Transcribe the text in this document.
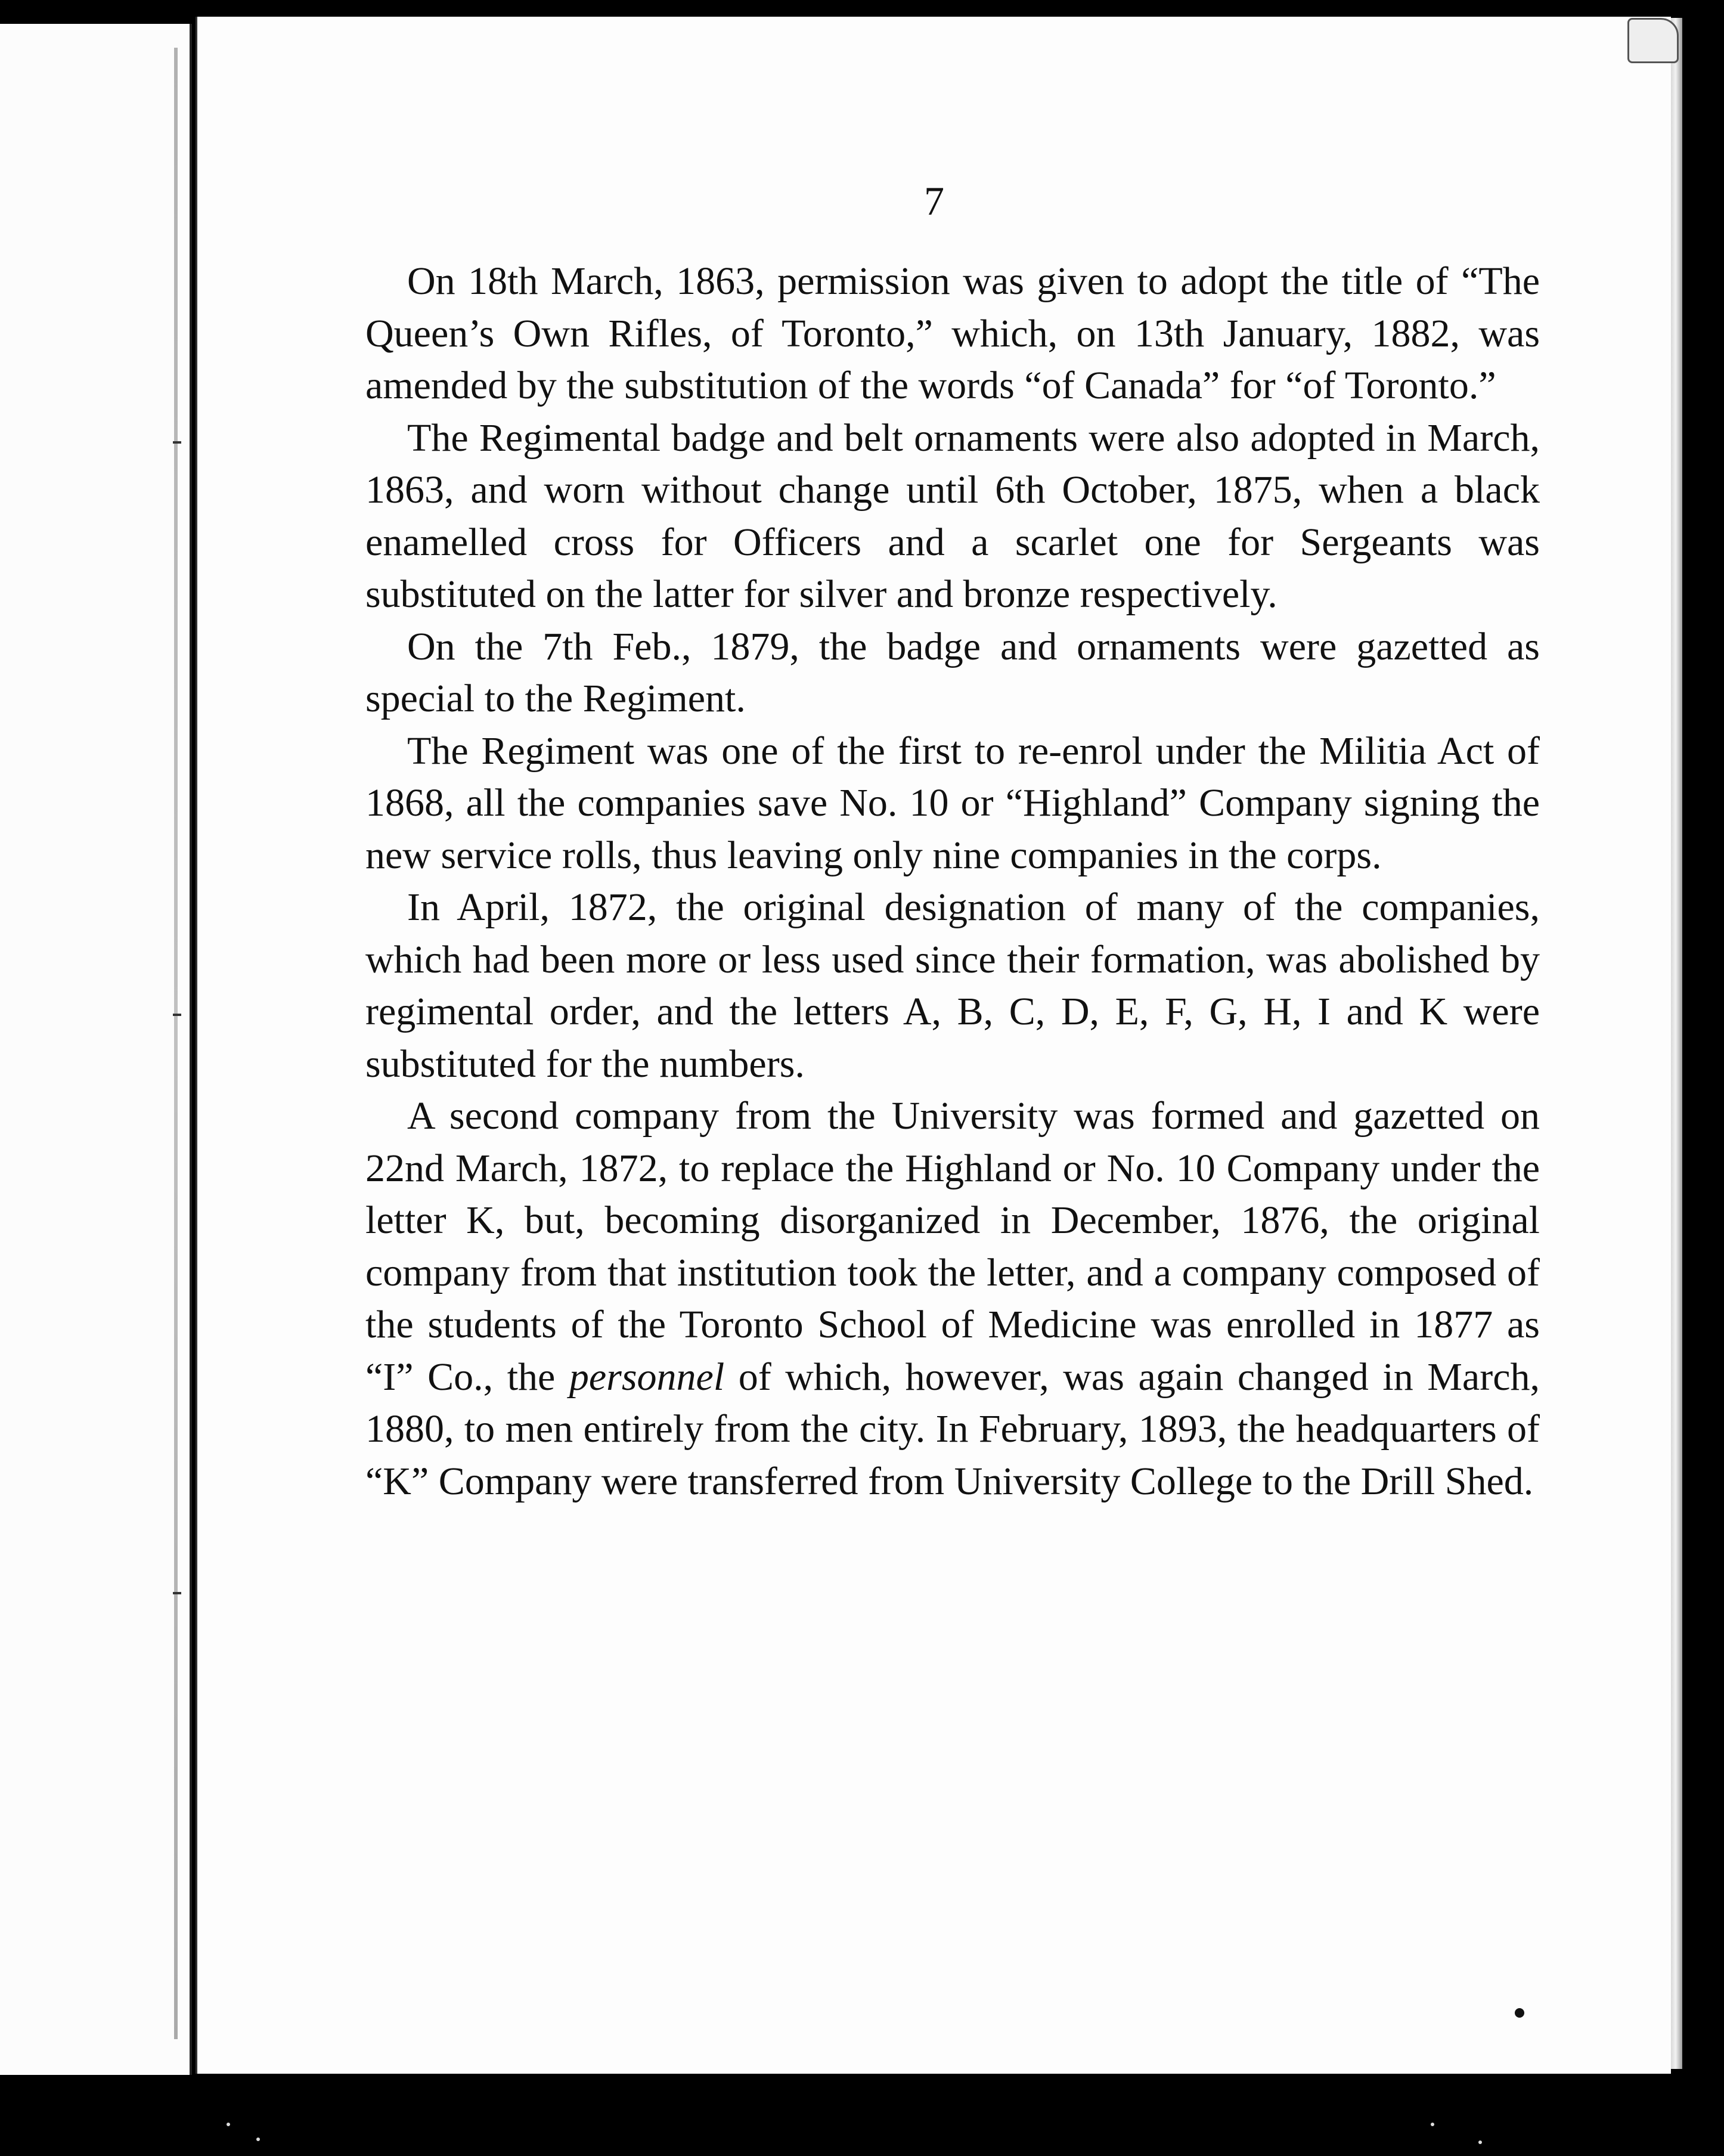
7

On 18th March, 1863, permission was given to adopt the title of “The Queen’s Own Rifles, of Toronto,” which, on 13th January, 1882, was amended by the substitution of the words “of Canada” for “of Toronto.”

The Regimental badge and belt ornaments were also adopted in March, 1863, and worn without change until 6th October, 1875, when a black enamelled cross for Officers and a scarlet one for Sergeants was substituted on the latter for silver and bronze respectively.

On the 7th Feb., 1879, the badge and ornaments were gazetted as special to the Regiment.

The Regiment was one of the first to re-enrol under the Militia Act of 1868, all the companies save No. 10 or “Highland” Company signing the new service rolls, thus leaving only nine companies in the corps.

In April, 1872, the original designation of many of the companies, which had been more or less used since their formation, was abolished by regimental order, and the letters A, B, C, D, E, F, G, H, I and K were substituted for the numbers.

A second company from the University was formed and gazetted on 22nd March, 1872, to replace the Highland or No. 10 Company under the letter K, but, becoming disorganized in December, 1876, the original company from that institution took the letter, and a company composed of the students of the Toronto School of Medicine was enrolled in 1877 as “I” Co., the personnel of which, however, was again changed in March, 1880, to men entirely from the city. In February, 1893, the headquarters of “K” Company were transferred from University College to the Drill Shed.
